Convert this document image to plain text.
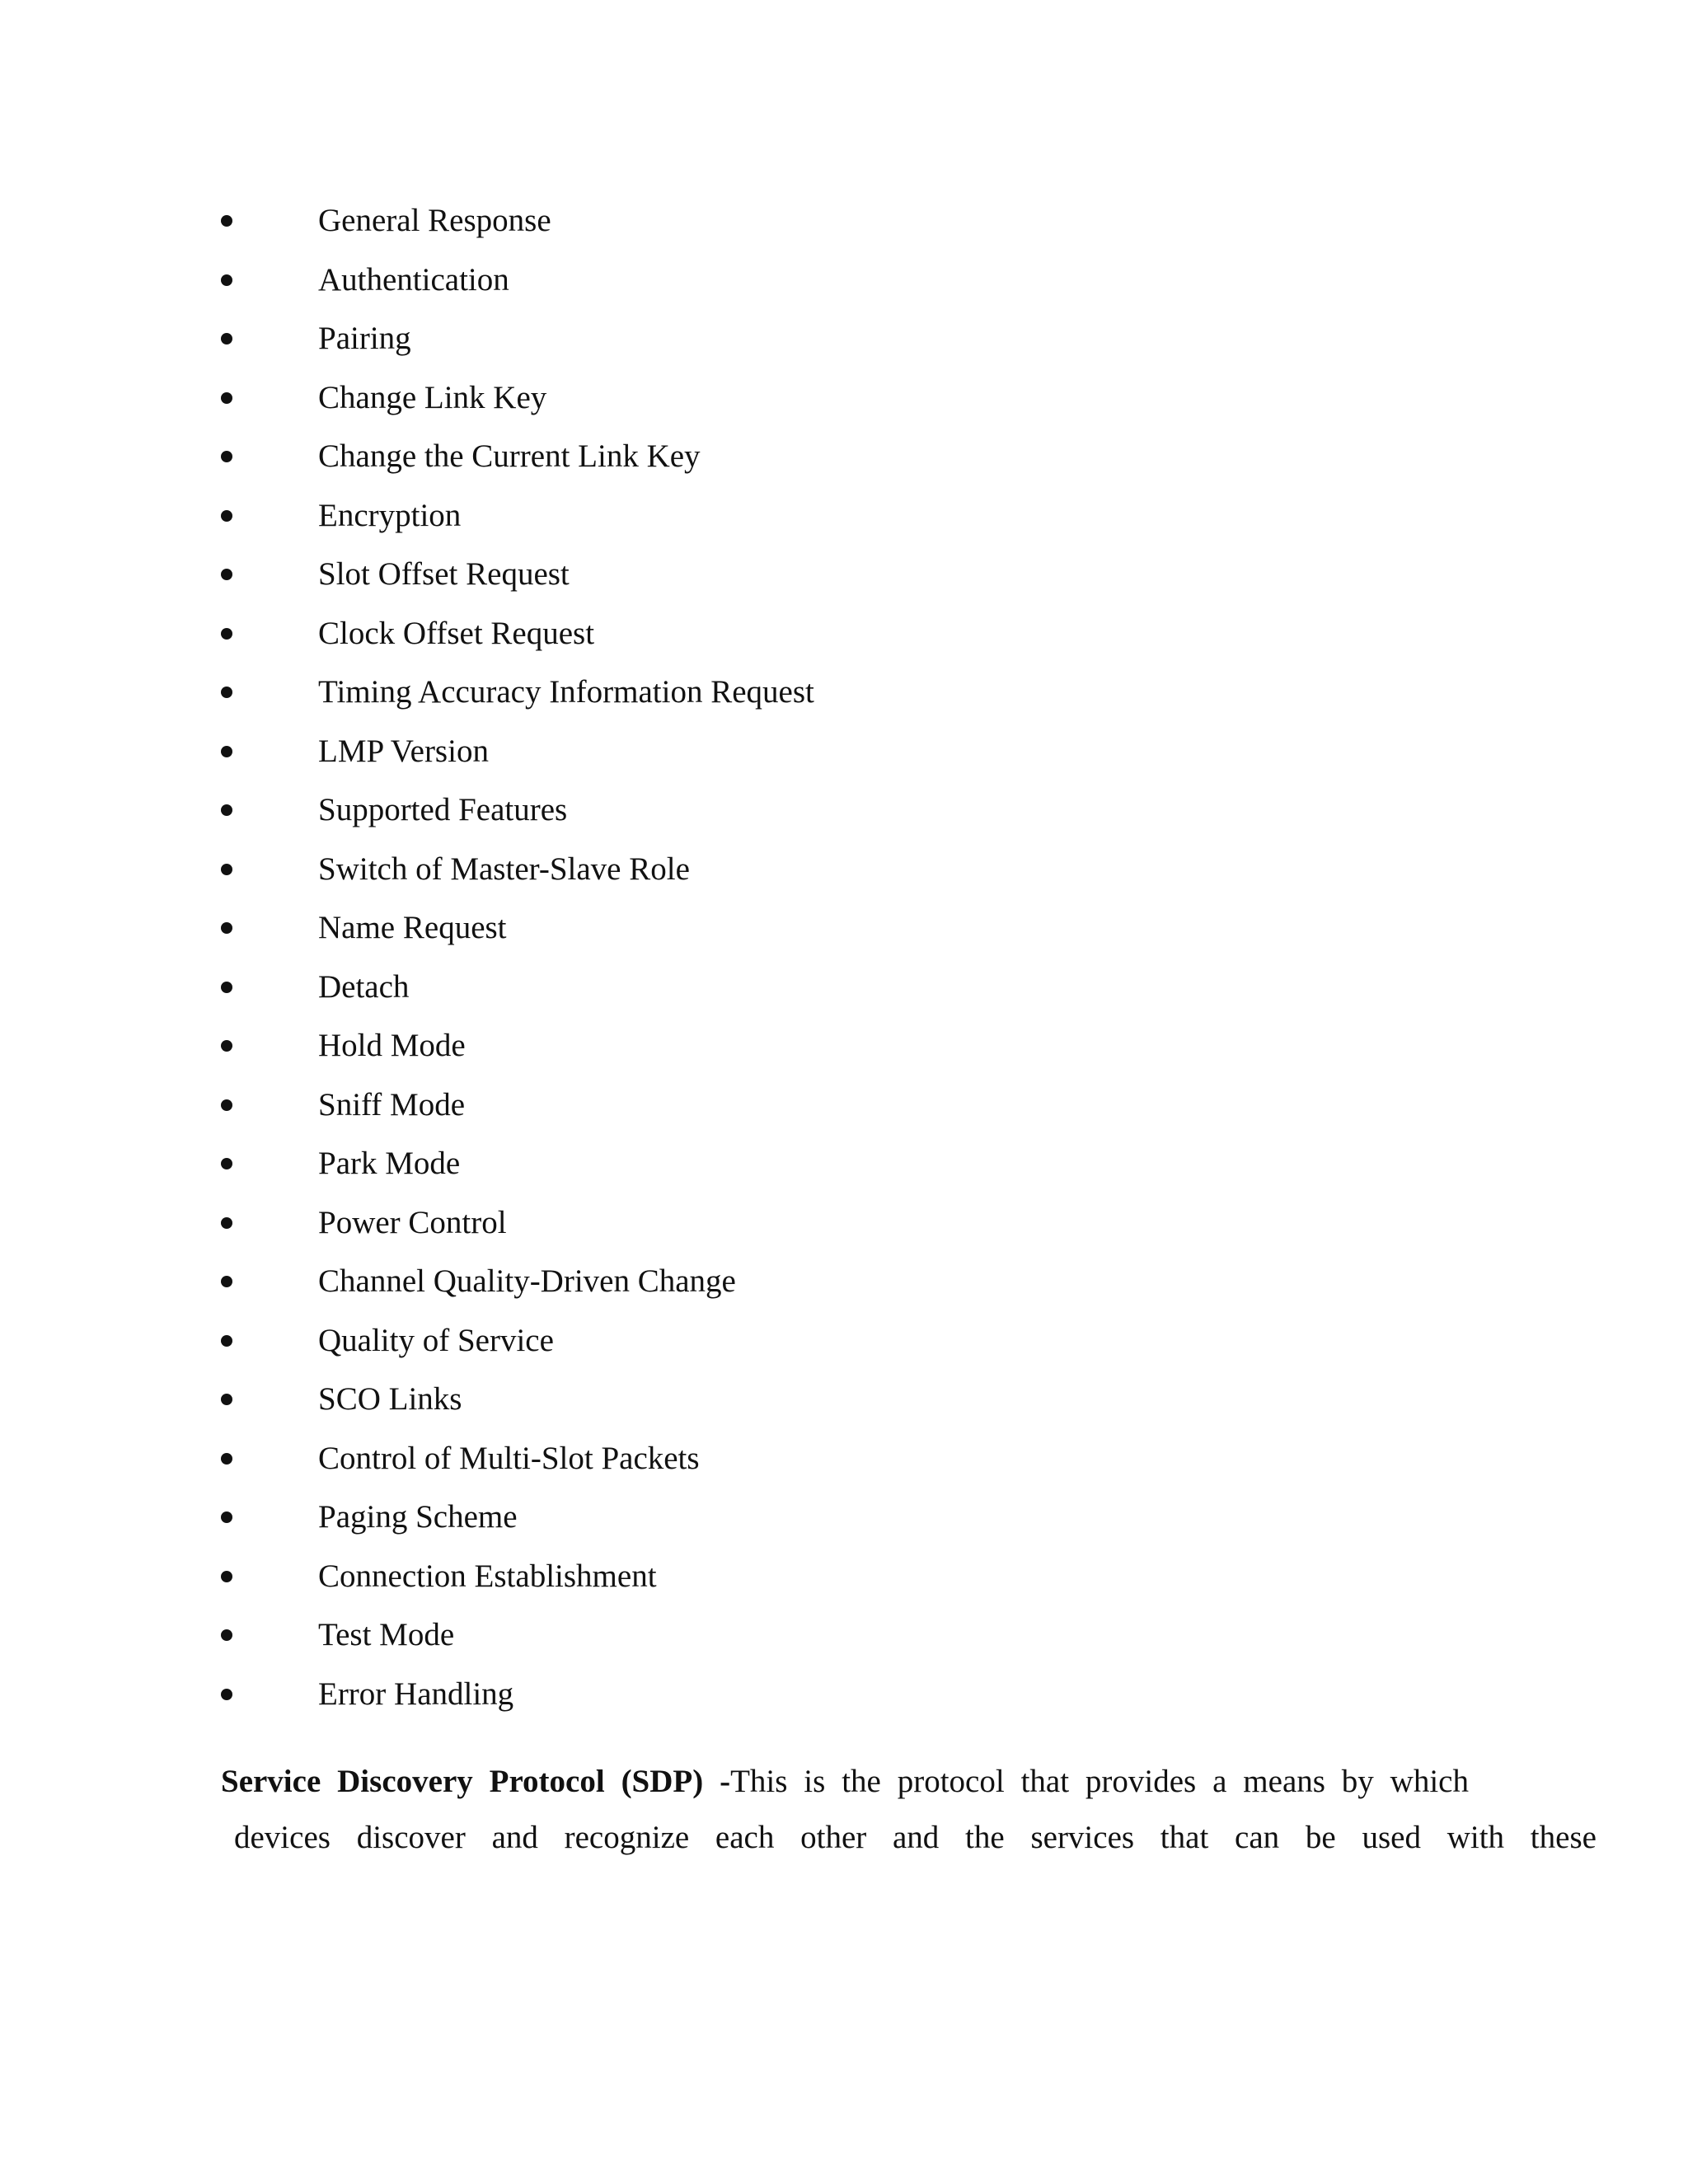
General Response
Authentication
Pairing
Change Link Key
Change the Current Link Key
Encryption
Slot Offset Request
Clock Offset Request
Timing Accuracy Information Request
LMP Version
Supported Features
Switch of Master-Slave Role
Name Request
Detach
Hold Mode
Sniff Mode
Park Mode
Power Control
Channel Quality-Driven Change
Quality of Service
SCO Links
Control of Multi-Slot Packets
Paging Scheme
Connection Establishment
Test Mode
Error Handling
Service Discovery Protocol (SDP) -This is the protocol that provides a means by which
devices discover and recognize each other and the services that can be used with these
